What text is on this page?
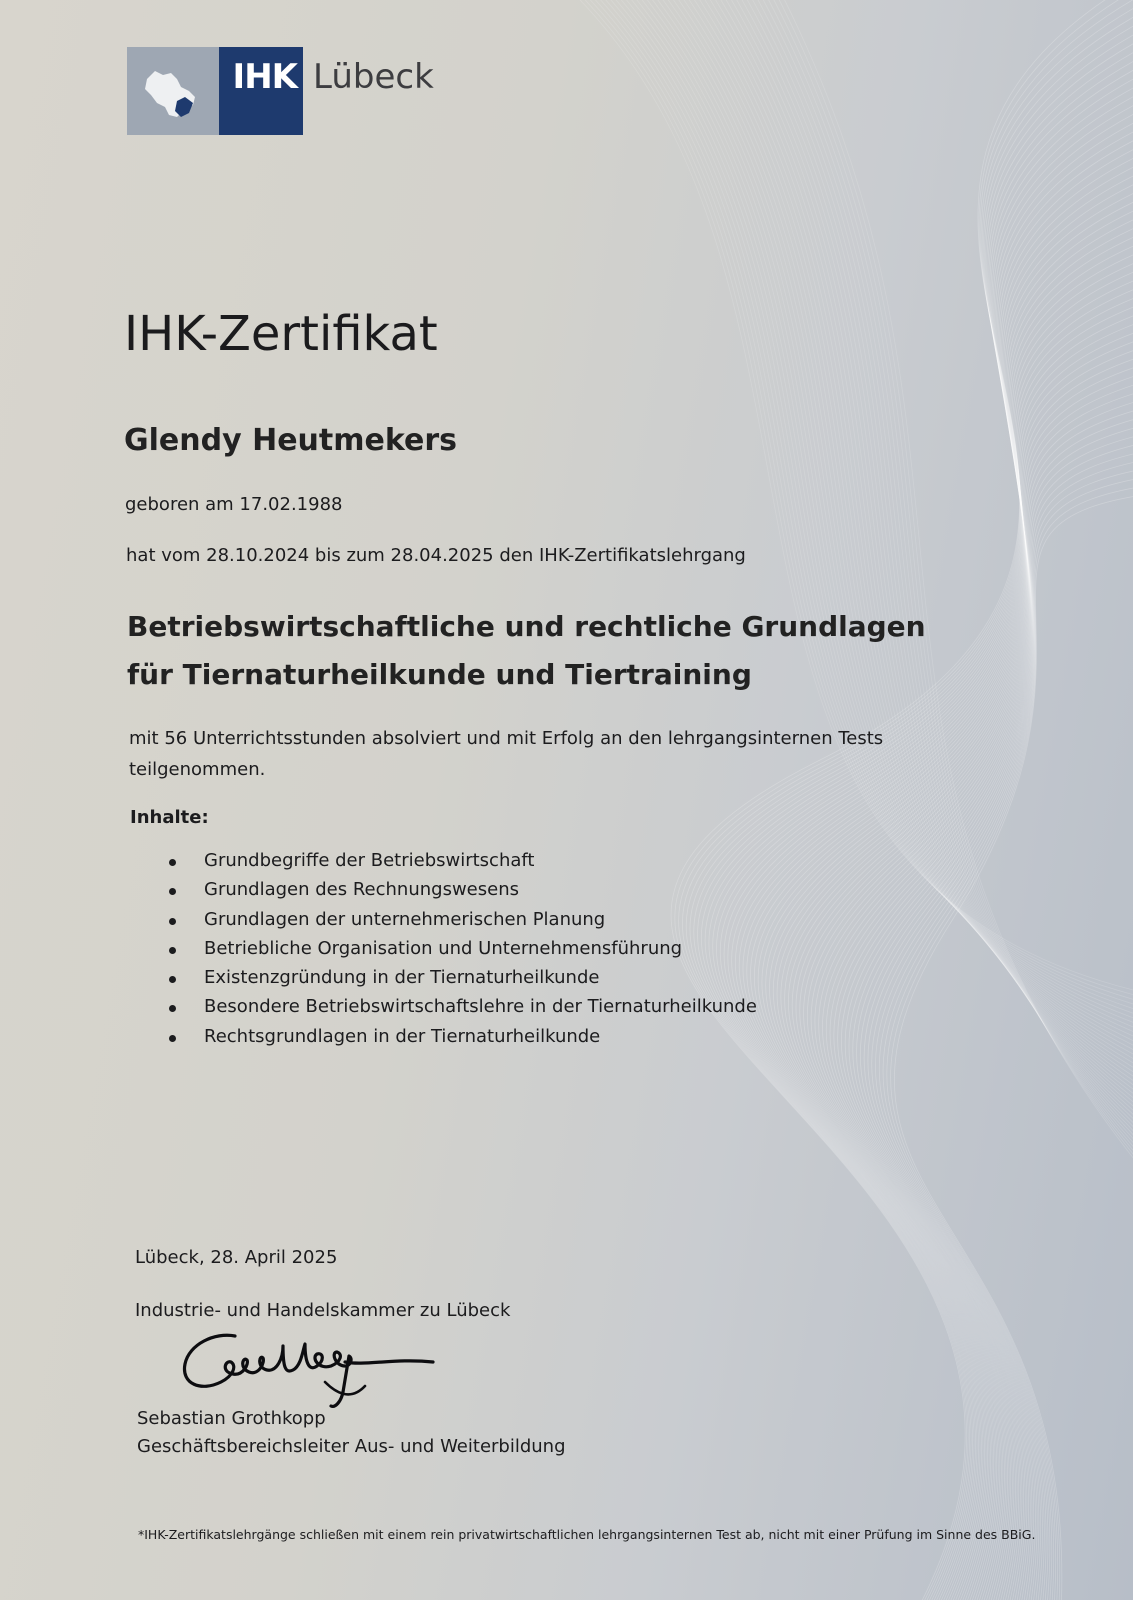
IHK Lübeck
IHK-Zertifikat
Glendy Heutmekers
geboren am 17.02.1988
hat vom 28.10.2024 bis zum 28.04.2025 den IHK-Zertifikatslehrgang
Betriebswirtschaftliche und rechtliche Grundlagen
für Tiernaturheilkunde und Tiertraining
mit 56 Unterrichtsstunden absolviert und mit Erfolg an den lehrgangsinternen Tests teilgenommen.
Inhalte:
Grundbegriffe der Betriebswirtschaft
Grundlagen des Rechnungswesens
Grundlagen der unternehmerischen Planung
Betriebliche Organisation und Unternehmensführung
Existenzgründung in der Tiernaturheilkunde
Besondere Betriebswirtschaftslehre in der Tiernaturheilkunde
Rechtsgrundlagen in der Tiernaturheilkunde
Lübeck, 28. April 2025
Industrie- und Handelskammer zu Lübeck
Sebastian Grothkopp
Geschäftsbereichsleiter Aus- und Weiterbildung
*IHK-Zertifikatslehrgänge schließen mit einem rein privatwirtschaftlichen lehrgangsinternen Test ab, nicht mit einer Prüfung im Sinne des BBiG.
